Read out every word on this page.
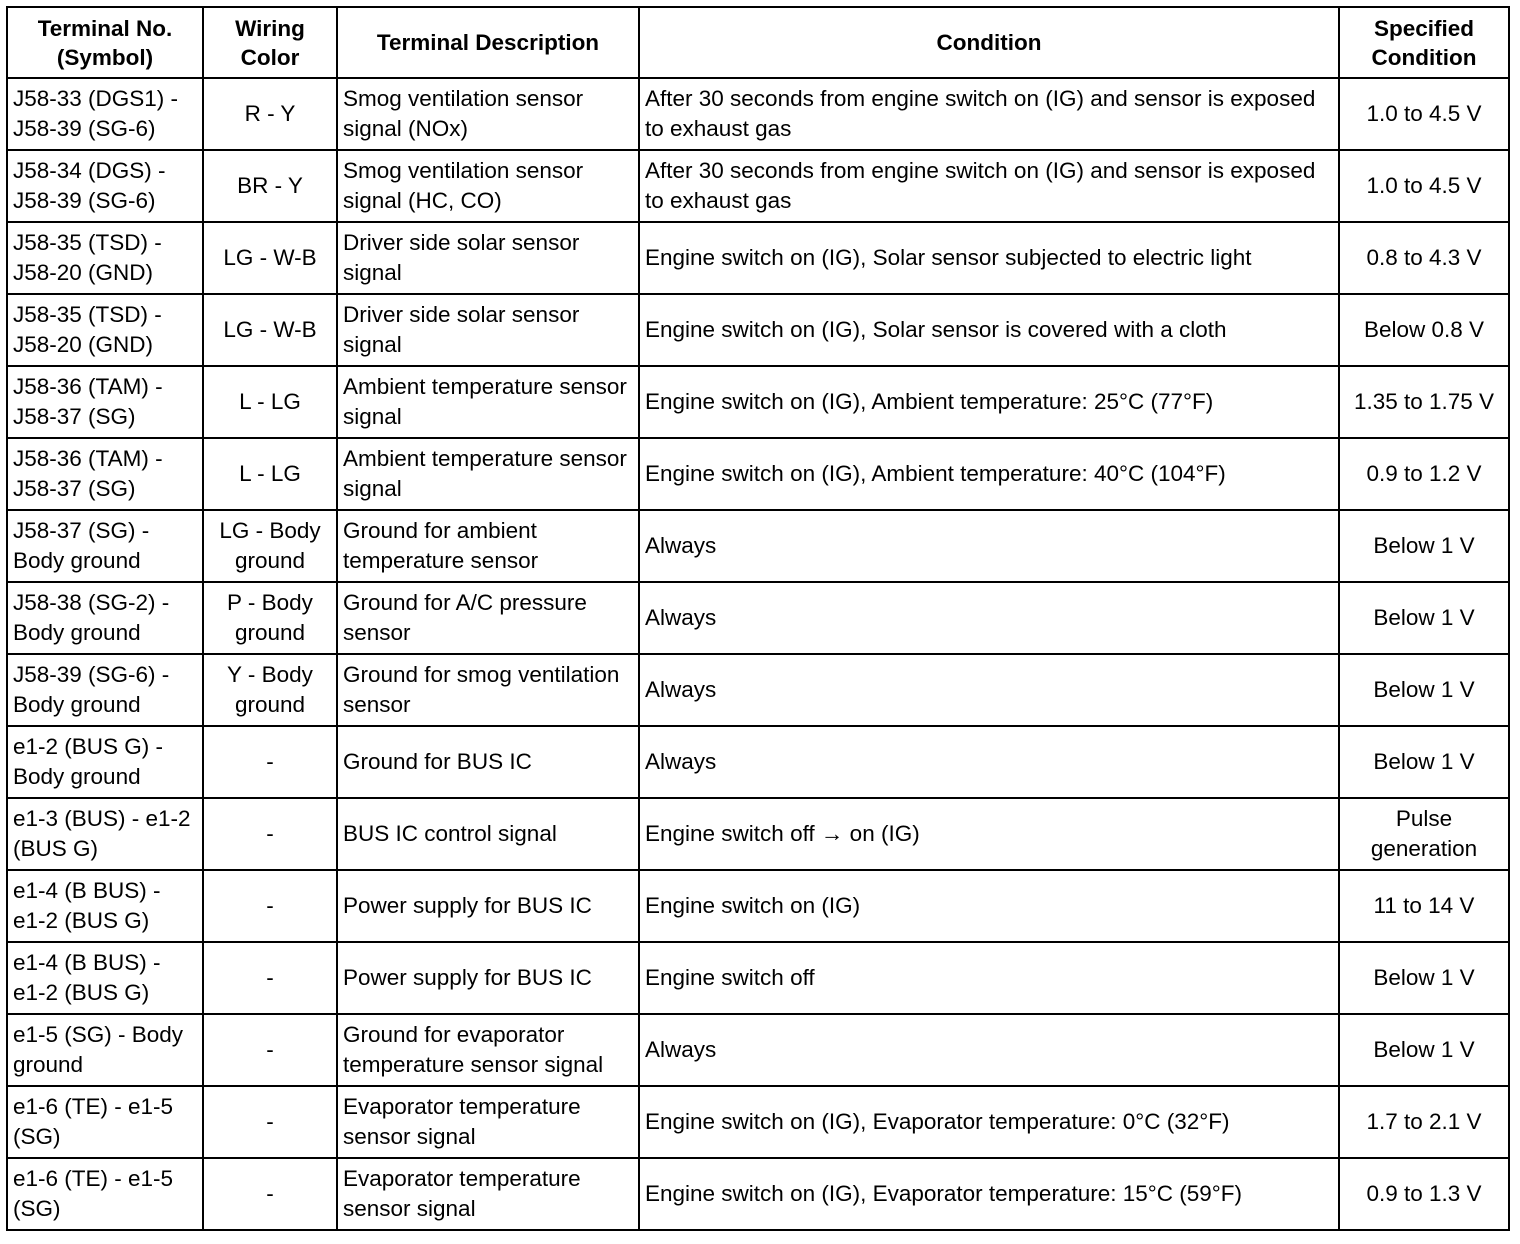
Terminal No. (Symbol)	Wiring Color	Terminal Description	Condition	Specified Condition
J58-33 (DGS1) - J58-39 (SG-6)	R - Y	Smog ventilation sensor signal (NOx)	After 30 seconds from engine switch on (IG) and sensor is exposed to exhaust gas	1.0 to 4.5 V
J58-34 (DGS) - J58-39 (SG-6)	BR - Y	Smog ventilation sensor signal (HC, CO)	After 30 seconds from engine switch on (IG) and sensor is exposed to exhaust gas	1.0 to 4.5 V
J58-35 (TSD) - J58-20 (GND)	LG - W-B	Driver side solar sensor signal	Engine switch on (IG), Solar sensor subjected to electric light	0.8 to 4.3 V
J58-35 (TSD) - J58-20 (GND)	LG - W-B	Driver side solar sensor signal	Engine switch on (IG), Solar sensor is covered with a cloth	Below 0.8 V
J58-36 (TAM) - J58-37 (SG)	L - LG	Ambient temperature sensor signal	Engine switch on (IG), Ambient temperature: 25°C (77°F)	1.35 to 1.75 V
J58-36 (TAM) - J58-37 (SG)	L - LG	Ambient temperature sensor signal	Engine switch on (IG), Ambient temperature: 40°C (104°F)	0.9 to 1.2 V
J58-37 (SG) - Body ground	LG - Body ground	Ground for ambient temperature sensor	Always	Below 1 V
J58-38 (SG-2) - Body ground	P - Body ground	Ground for A/C pressure sensor	Always	Below 1 V
J58-39 (SG-6) - Body ground	Y - Body ground	Ground for smog ventilation sensor	Always	Below 1 V
e1-2 (BUS G) - Body ground	-	Ground for BUS IC	Always	Below 1 V
e1-3 (BUS) - e1-2 (BUS G)	-	BUS IC control signal	Engine switch off → on (IG)	Pulse generation
e1-4 (B BUS) - e1-2 (BUS G)	-	Power supply for BUS IC	Engine switch on (IG)	11 to 14 V
e1-4 (B BUS) - e1-2 (BUS G)	-	Power supply for BUS IC	Engine switch off	Below 1 V
e1-5 (SG) - Body ground	-	Ground for evaporator temperature sensor signal	Always	Below 1 V
e1-6 (TE) - e1-5 (SG)	-	Evaporator temperature sensor signal	Engine switch on (IG), Evaporator temperature: 0°C (32°F)	1.7 to 2.1 V
e1-6 (TE) - e1-5 (SG)	-	Evaporator temperature sensor signal	Engine switch on (IG), Evaporator temperature: 15°C (59°F)	0.9 to 1.3 V
